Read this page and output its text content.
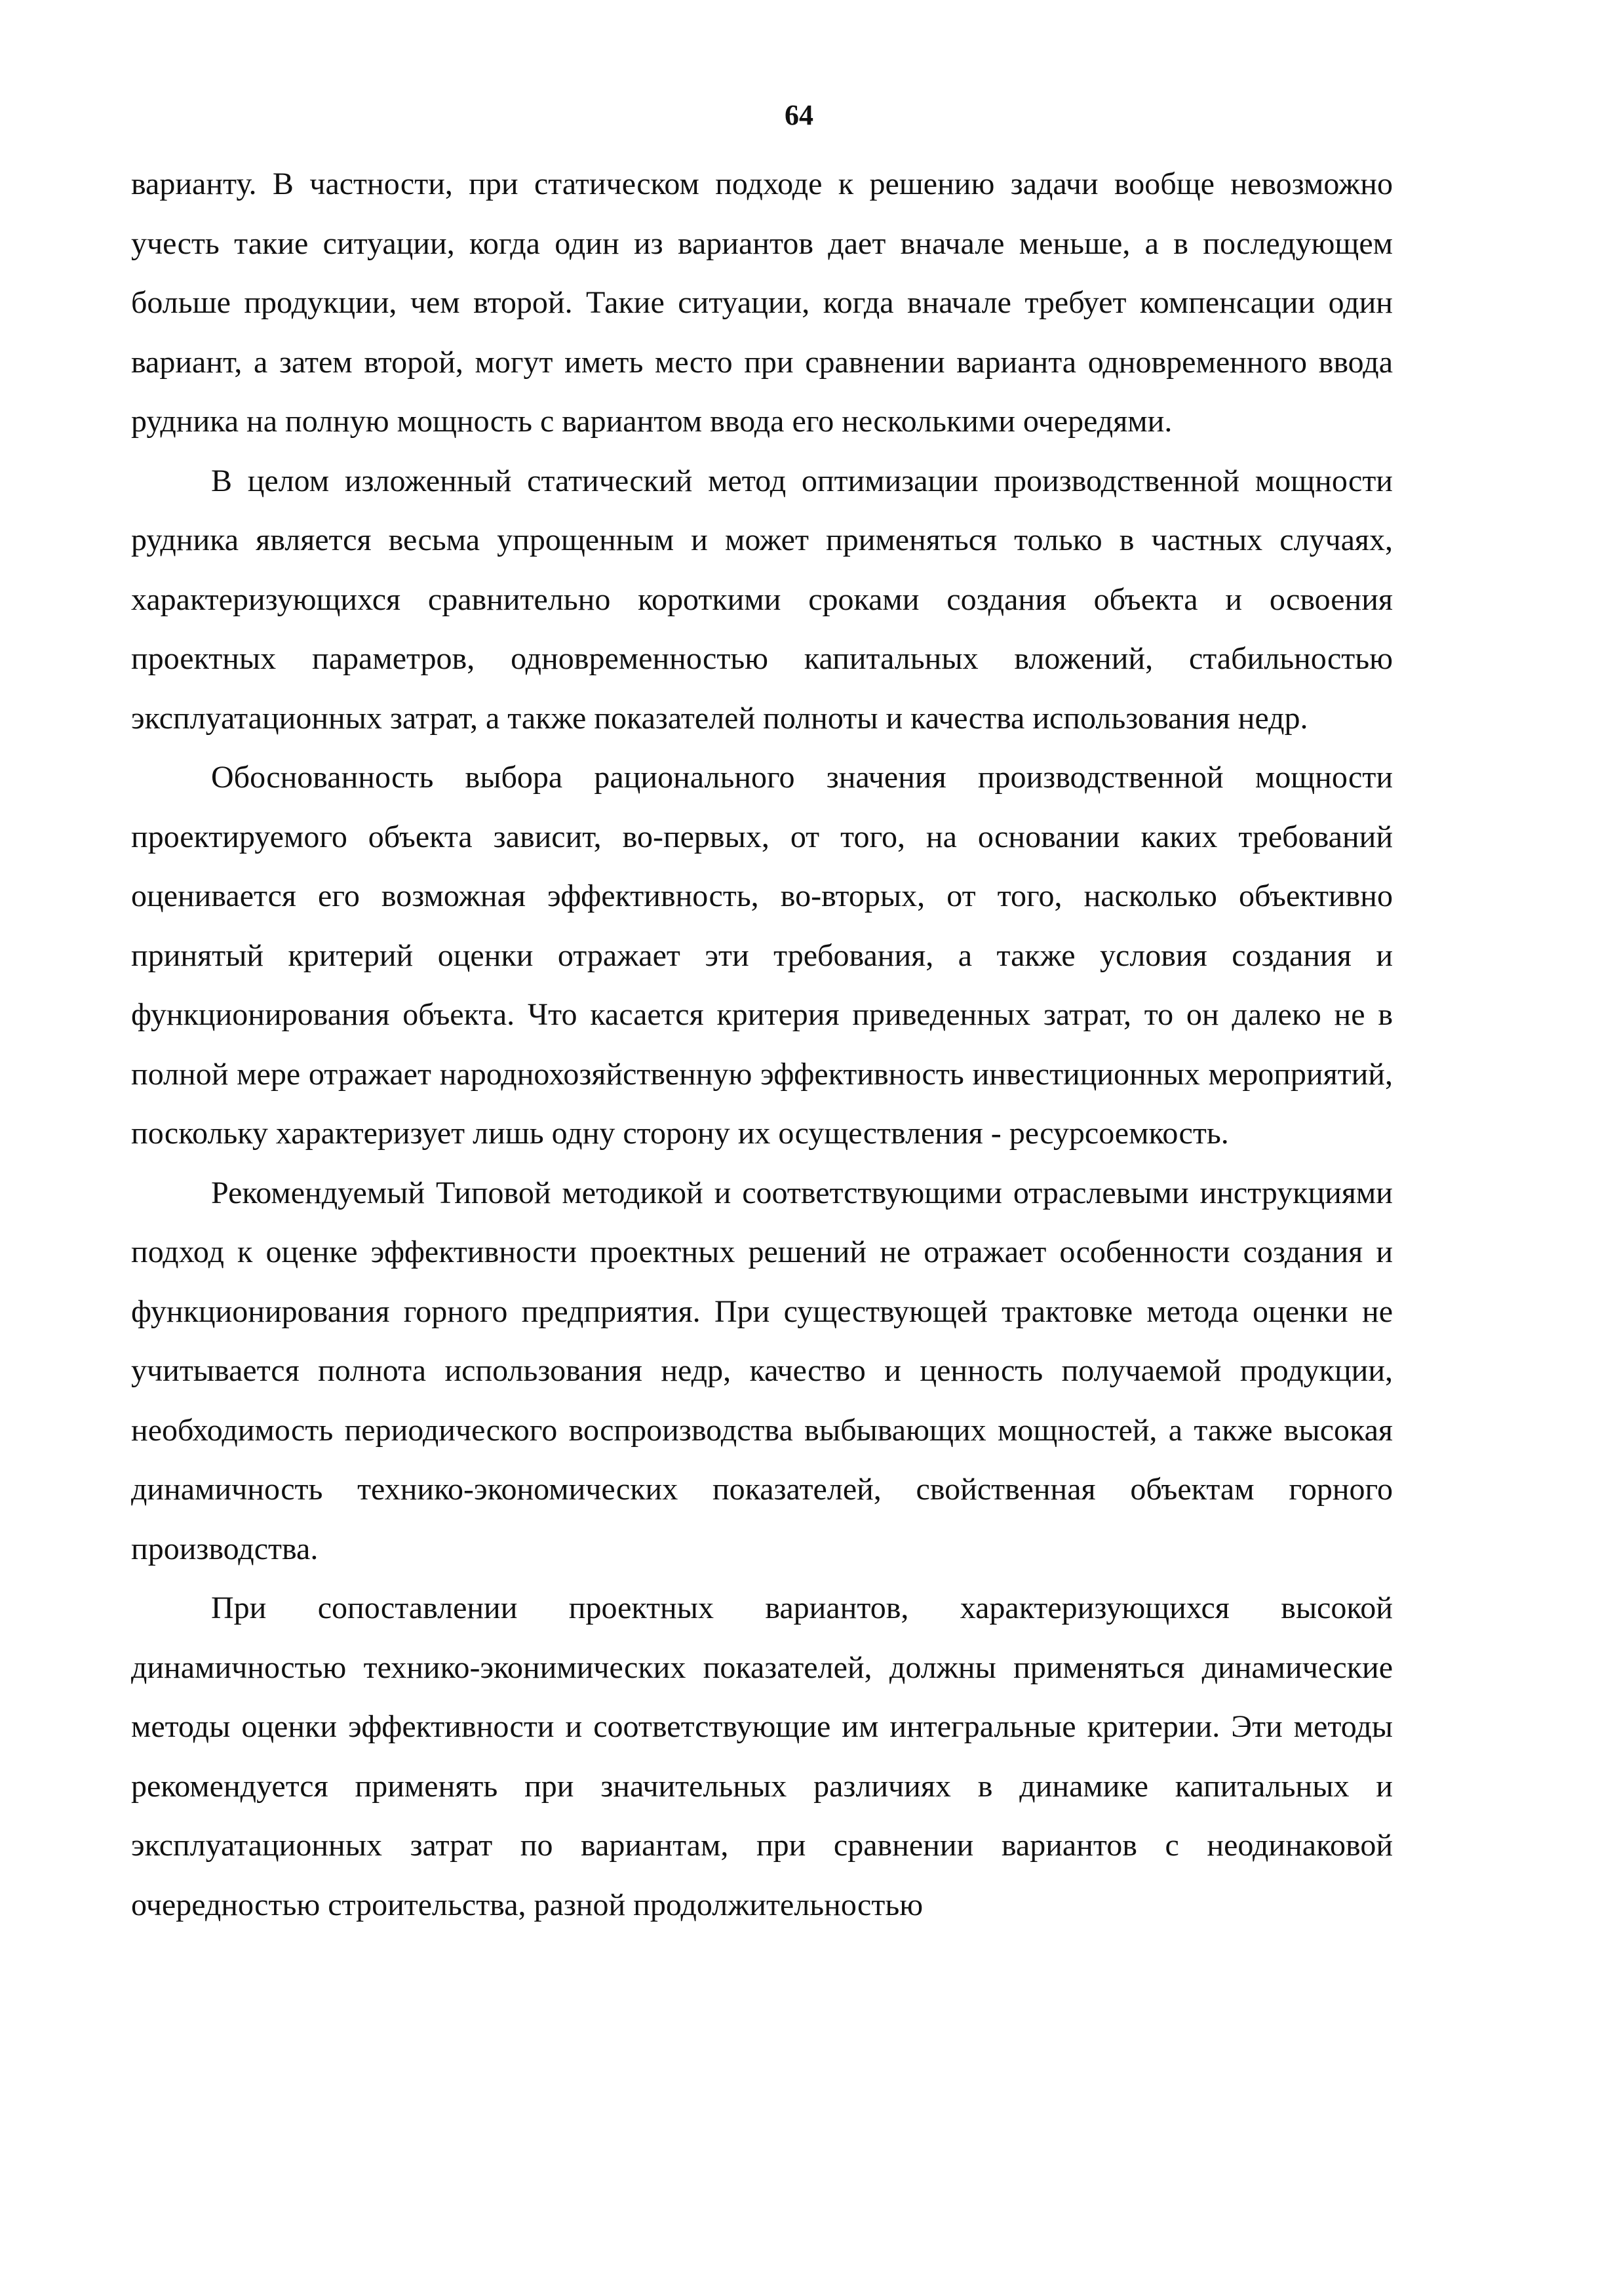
64

варианту. В частности, при статическом подходе к решению задачи вообще невозможно учесть такие ситуации, когда один из вариантов дает вначале меньше, а в последующем больше продукции, чем второй. Такие ситуации, когда вначале требует компенсации один вариант, а затем второй, могут иметь место при сравнении варианта одновременного ввода рудника на полную мощность с вариантом ввода его несколькими очередями.

В целом изложенный статический метод оптимизации производственной мощности рудника является весьма упрощенным и может применяться только в частных случаях, характеризующихся сравнительно короткими сроками создания объекта и освоения проектных параметров, одновременностью капитальных вложений, стабильностью эксплуатационных затрат, а также показателей полноты и качества использования недр.

Обоснованность выбора рационального значения производственной мощности проектируемого объекта зависит, во-первых, от того, на основании каких требований оценивается его возможная эффективность, во-вторых, от того, насколько объективно принятый критерий оценки отражает эти требования, а также условия создания и функционирования объекта. Что касается критерия приведенных затрат, то он далеко не в полной мере отражает народнохозяйственную эффективность инвестиционных мероприятий, поскольку характеризует лишь одну сторону их осуществления - ресурсоемкость.

Рекомендуемый Типовой методикой и соответствующими отраслевыми инструкциями подход к оценке эффективности проектных решений не отражает особенности создания и функционирования горного предприятия. При существующей трактовке метода оценки не учитывается полнота использования недр, качество и ценность получаемой продукции, необходимость периодического воспроизводства выбывающих мощностей, а также высокая динамичность технико-экономических показателей, свойственная объектам горного производства.

При сопоставлении проектных вариантов, характеризующихся высокой динамичностью технико-эконимических показателей, должны применяться динамические методы оценки эффективности и соответствующие им интегральные критерии. Эти методы рекомендуется применять при значительных различиях в динамике капитальных и эксплуатационных затрат по вариантам, при сравнении вариантов с неодинаковой очередностью строительства, разной продолжительностью
